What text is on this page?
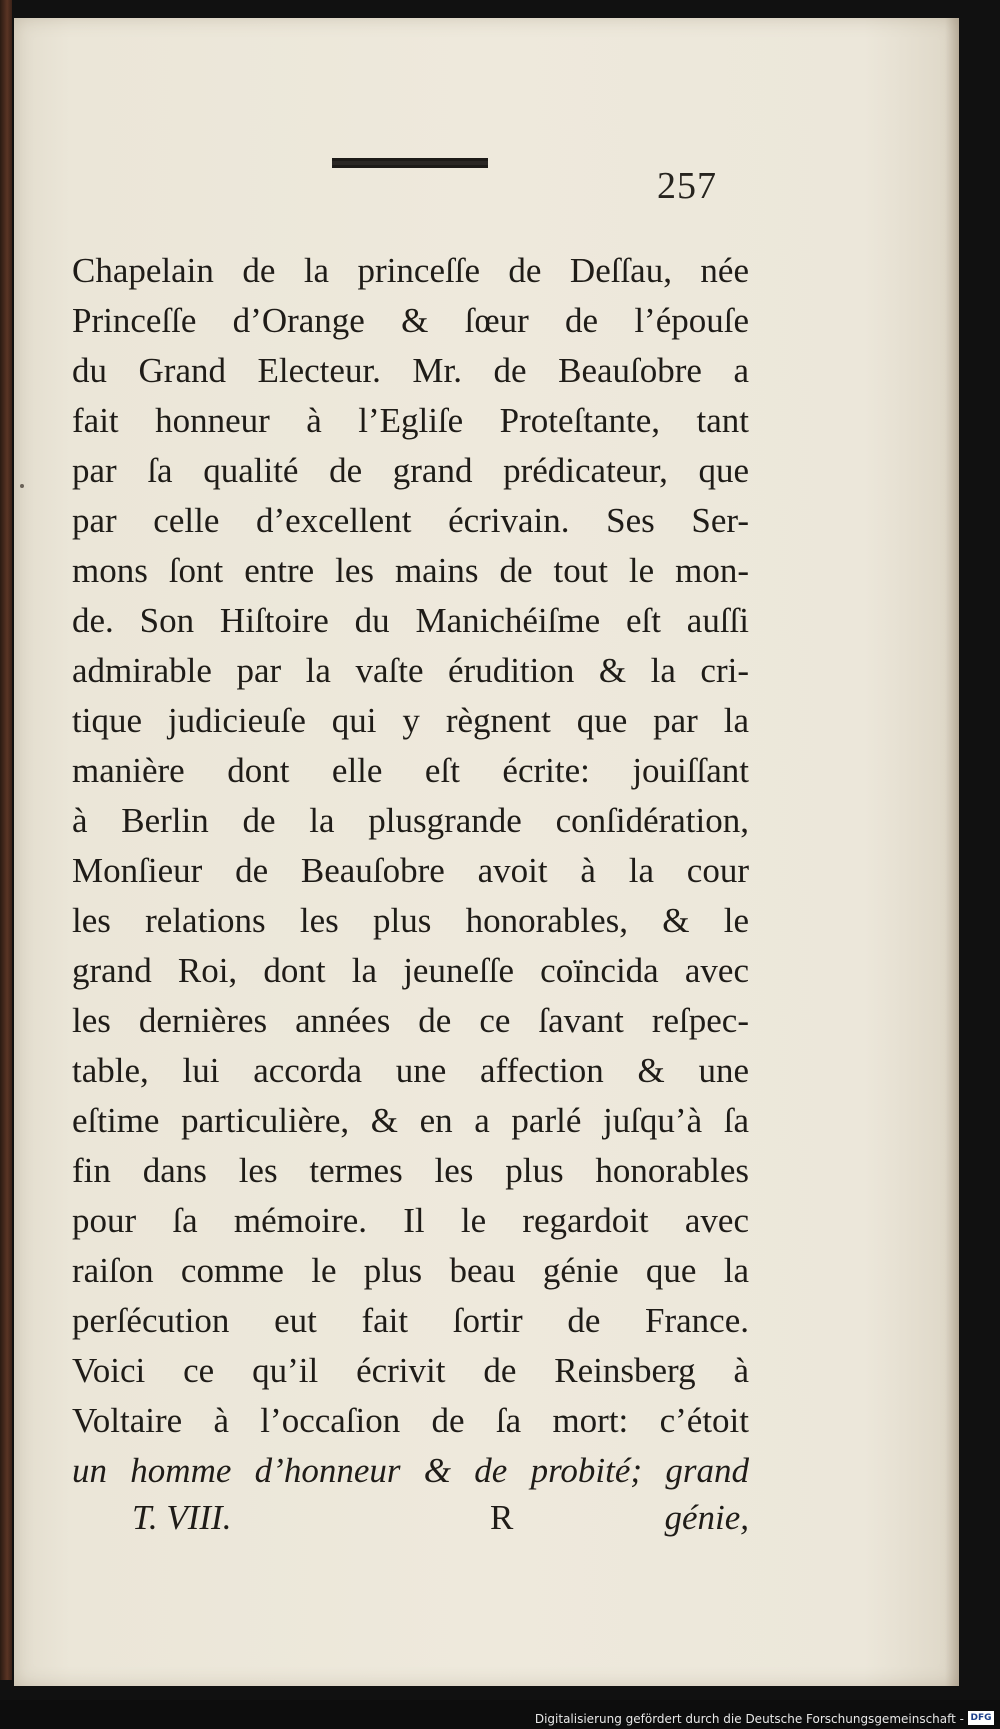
257
Chapelain de la princeſſe de Deſſau, née
Princeſſe d’Orange & ſœur de l’épouſe
du Grand Electeur. Mr. de Beauſobre a
fait honneur à l’Egliſe Proteſtante, tant
par ſa qualité de grand prédicateur, que
par celle d’excellent écrivain. Ses Ser-
mons ſont entre les mains de tout le mon-
de. Son Hiſtoire du Manichéiſme eſt auſſi
admirable par la vaſte érudition & la cri-
tique judicieuſe qui y règnent que par la
manière dont elle eſt écrite: jouiſſant
à Berlin de la plusgrande conſidération,
Monſieur de Beauſobre avoit à la cour
les relations les plus honorables, & le
grand Roi, dont la jeuneſſe coïncida avec
les dernières années de ce ſavant reſpec-
table, lui accorda une affection & une
eſtime particulière, & en a parlé juſqu’à ſa
fin dans les termes les plus honorables
pour ſa mémoire. Il le regardoit avec
raiſon comme le plus beau génie que la
perſécution eut fait ſortir de France.
Voici ce qu’il écrivit de Reinsberg à
Voltaire à l’occaſion de ſa mort: c’étoit
un homme d’honneur & de probité; grand
T. VIII.	R	génie,
Digitalisierung gefördert durch die Deutsche Forschungsgemeinschaft - DFG
